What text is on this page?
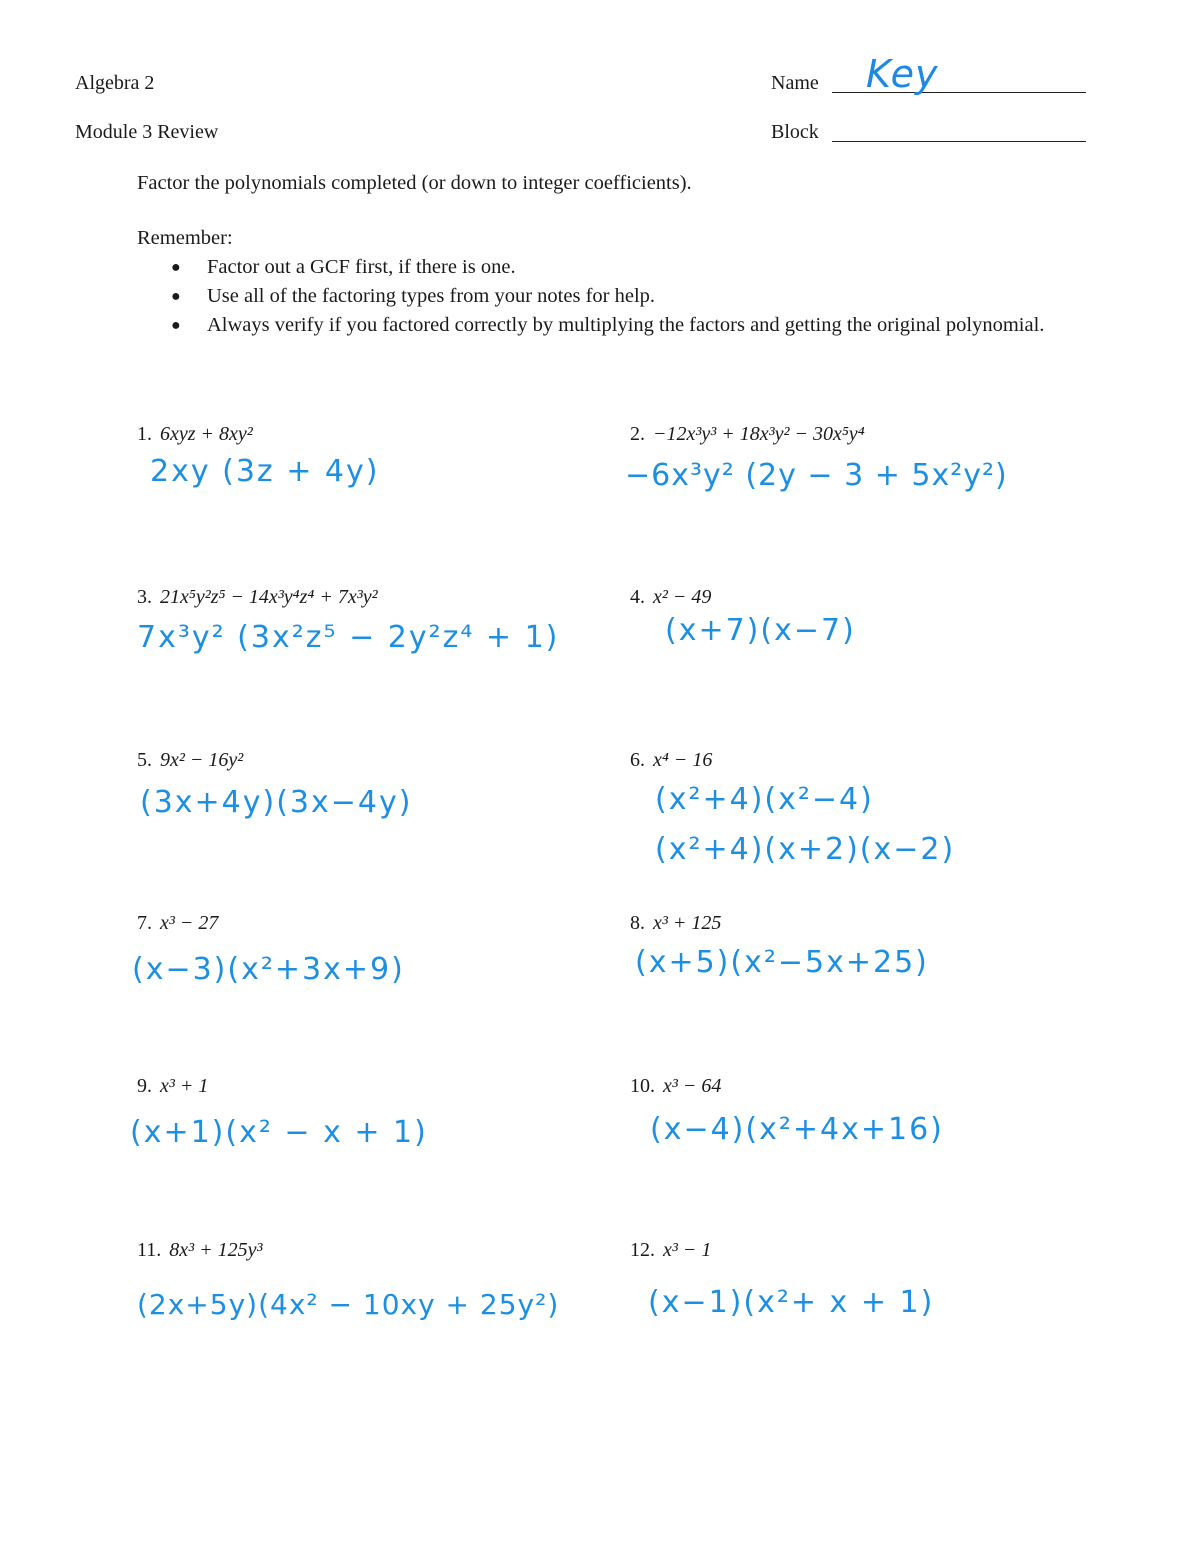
Algebra 2
Module 3 Review
Name Key
Block
Factor the polynomials completed (or down to integer coefficients).
Remember:
● Factor out a GCF first, if there is one.
● Use all of the factoring types from your notes for help.
● Always verify if you factored correctly by multiplying the factors and getting the original polynomial.
1. 6xyz + 8xy²
2xy (3z + 4y)
3. 21x⁵y²z⁵ − 14x³y⁴z⁴ + 7x³y²
7x³y² (3x²z⁵ − 2y²z⁴ + 1)
5. 9x² − 16y²
(3x+4y)(3x−4y)
7. x³ − 27
(x−3)(x²+3x+9)
9. x³ + 1
(x+1)(x² − x + 1)
11. 8x³ + 125y³
(2x+5y)(4x² − 10xy + 25y²)
2. −12x³y³ + 18x³y² − 30x⁵y⁴
−6x³y² (2y − 3 + 5x²y²)
4. x² − 49
(x+7)(x−7)
6. x⁴ − 16
(x²+4)(x²−4)
(x²+4)(x+2)(x−2)
8. x³ + 125
(x+5)(x²−5x+25)
10. x³ − 64
(x−4)(x²+4x+16)
12. x³ − 1
(x−1)(x²+ x + 1)
